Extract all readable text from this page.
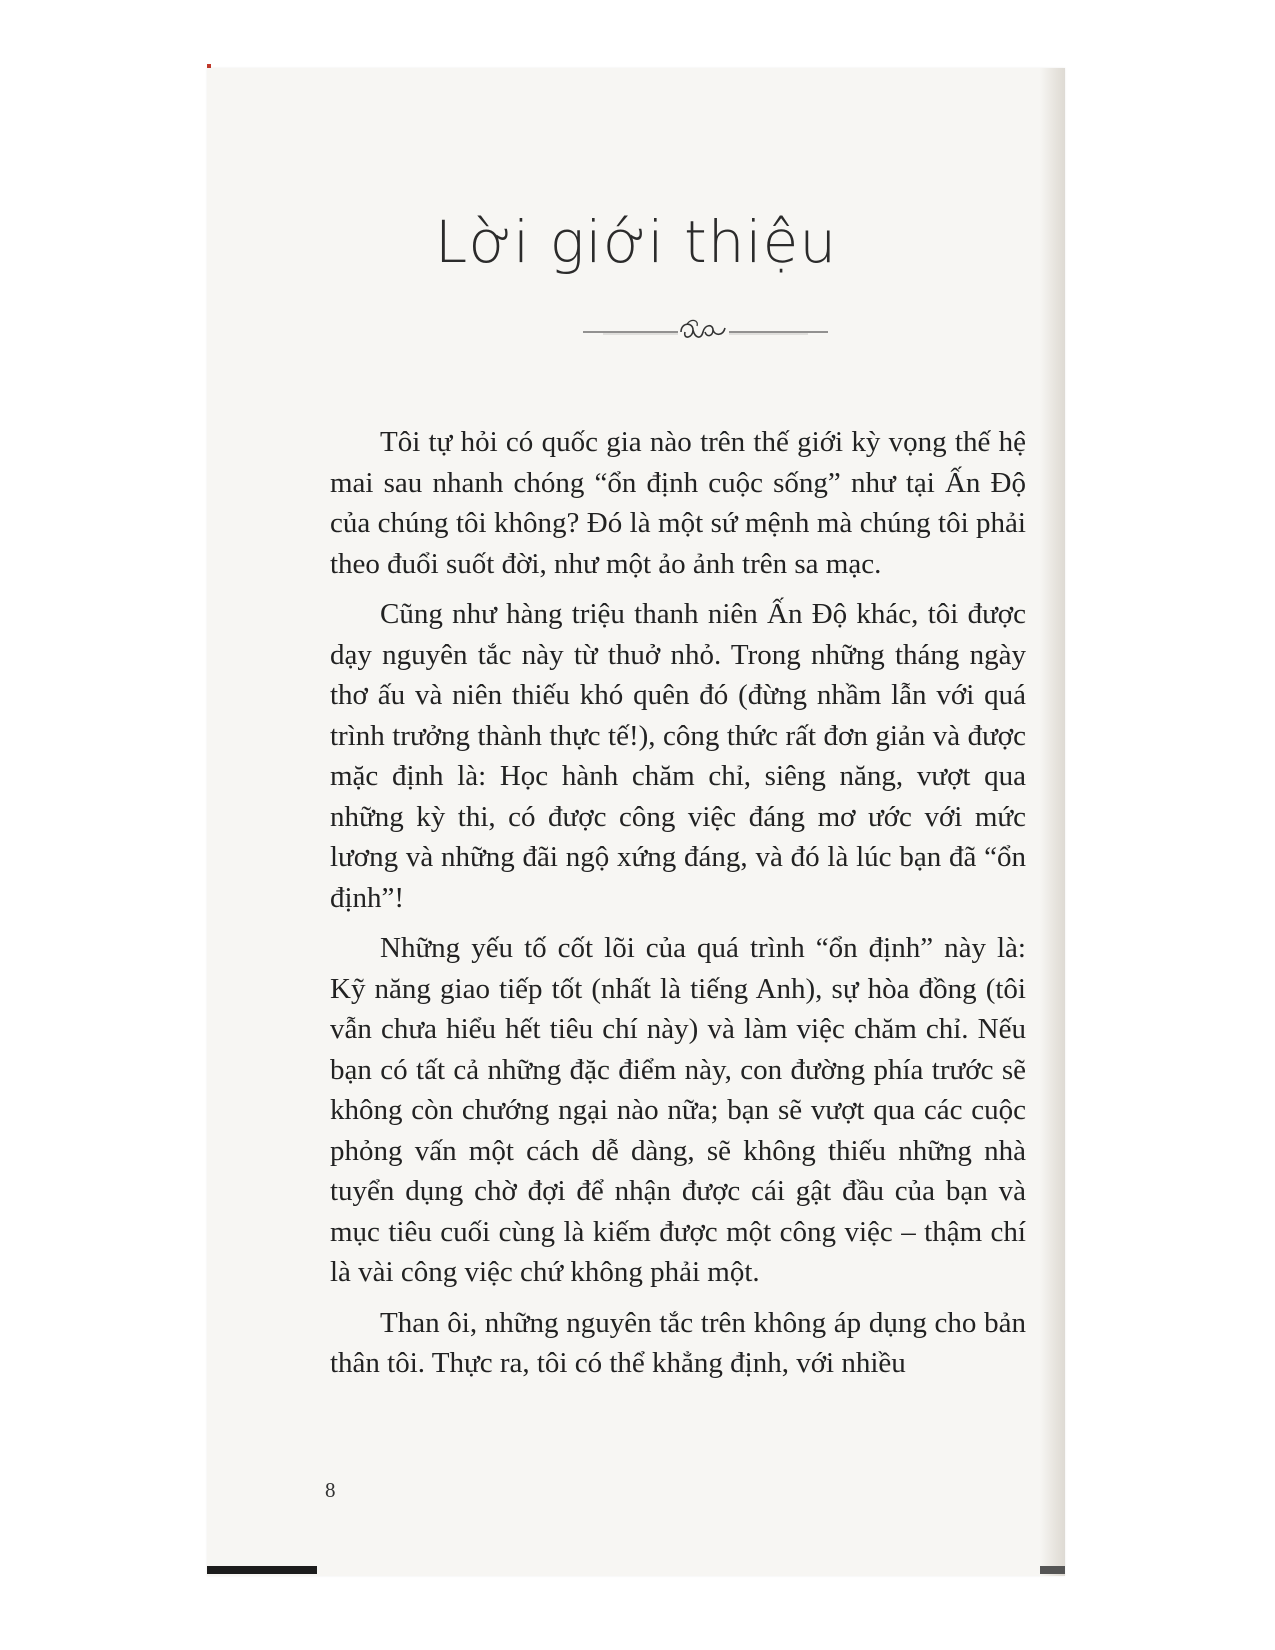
Lời giới thiệu

Tôi tự hỏi có quốc gia nào trên thế giới kỳ vọng thế hệ mai sau nhanh chóng “ổn định cuộc sống” như tại Ấn Độ của chúng tôi không? Đó là một sứ mệnh mà chúng tôi phải theo đuổi suốt đời, như một ảo ảnh trên sa mạc.

Cũng như hàng triệu thanh niên Ấn Độ khác, tôi được dạy nguyên tắc này từ thuở nhỏ. Trong những tháng ngày thơ ấu và niên thiếu khó quên đó (đừng nhầm lẫn với quá trình trưởng thành thực tế!), công thức rất đơn giản và được mặc định là: Học hành chăm chỉ, siêng năng, vượt qua những kỳ thi, có được công việc đáng mơ ước với mức lương và những đãi ngộ xứng đáng, và đó là lúc bạn đã “ổn định”!

Những yếu tố cốt lõi của quá trình “ổn định” này là: Kỹ năng giao tiếp tốt (nhất là tiếng Anh), sự hòa đồng (tôi vẫn chưa hiểu hết tiêu chí này) và làm việc chăm chỉ. Nếu bạn có tất cả những đặc điểm này, con đường phía trước sẽ không còn chướng ngại nào nữa; bạn sẽ vượt qua các cuộc phỏng vấn một cách dễ dàng, sẽ không thiếu những nhà tuyển dụng chờ đợi để nhận được cái gật đầu của bạn và mục tiêu cuối cùng là kiếm được một công việc – thậm chí là vài công việc chứ không phải một.

Than ôi, những nguyên tắc trên không áp dụng cho bản thân tôi. Thực ra, tôi có thể khẳng định, với nhiều

8
